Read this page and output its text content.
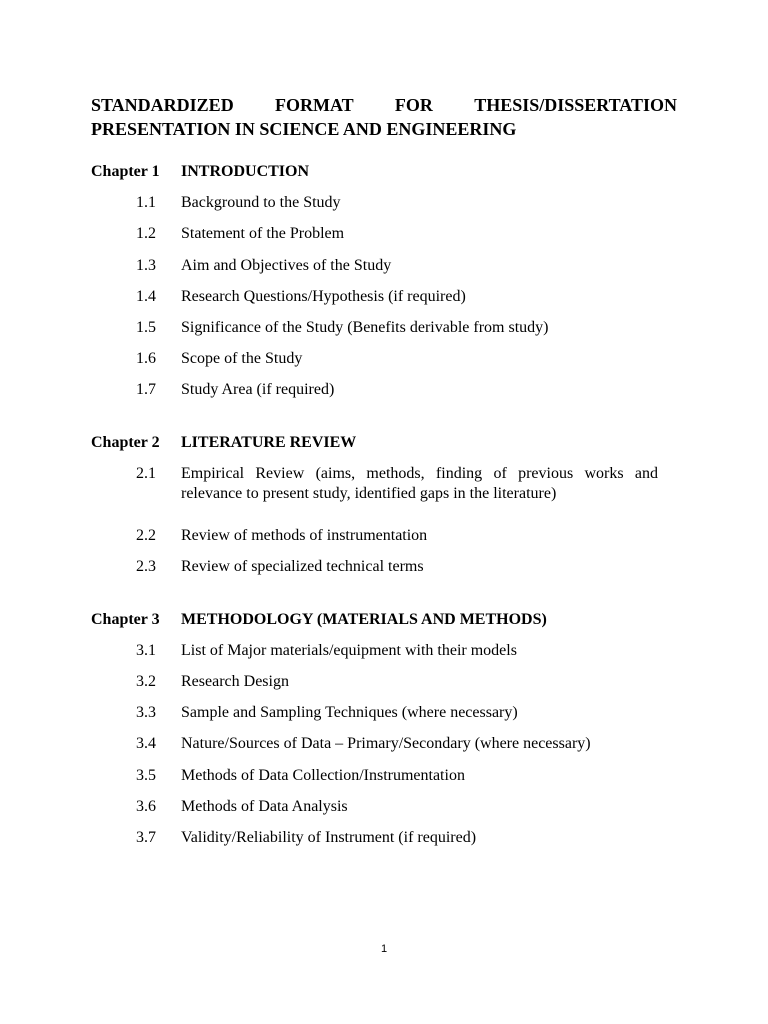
STANDARDIZED FORMAT FOR THESIS/DISSERTATION
PRESENTATION IN SCIENCE AND ENGINEERING
Chapter 1 INTRODUCTION
1.1 Background to the Study
1.2 Statement of the Problem
1.3 Aim and Objectives of the Study
1.4 Research Questions/Hypothesis (if required)
1.5 Significance of the Study (Benefits derivable from study)
1.6 Scope of the Study
1.7 Study Area (if required)
Chapter 2 LITERATURE REVIEW
2.1 Empirical Review (aims, methods, finding of previous works and relevance to present study, identified gaps in the literature)
2.2 Review of methods of instrumentation
2.3 Review of specialized technical terms
Chapter 3 METHODOLOGY (MATERIALS AND METHODS)
3.1 List of Major materials/equipment with their models
3.2 Research Design
3.3 Sample and Sampling Techniques (where necessary)
3.4 Nature/Sources of Data – Primary/Secondary (where necessary)
3.5 Methods of Data Collection/Instrumentation
3.6 Methods of Data Analysis
3.7 Validity/Reliability of Instrument (if required)
1
